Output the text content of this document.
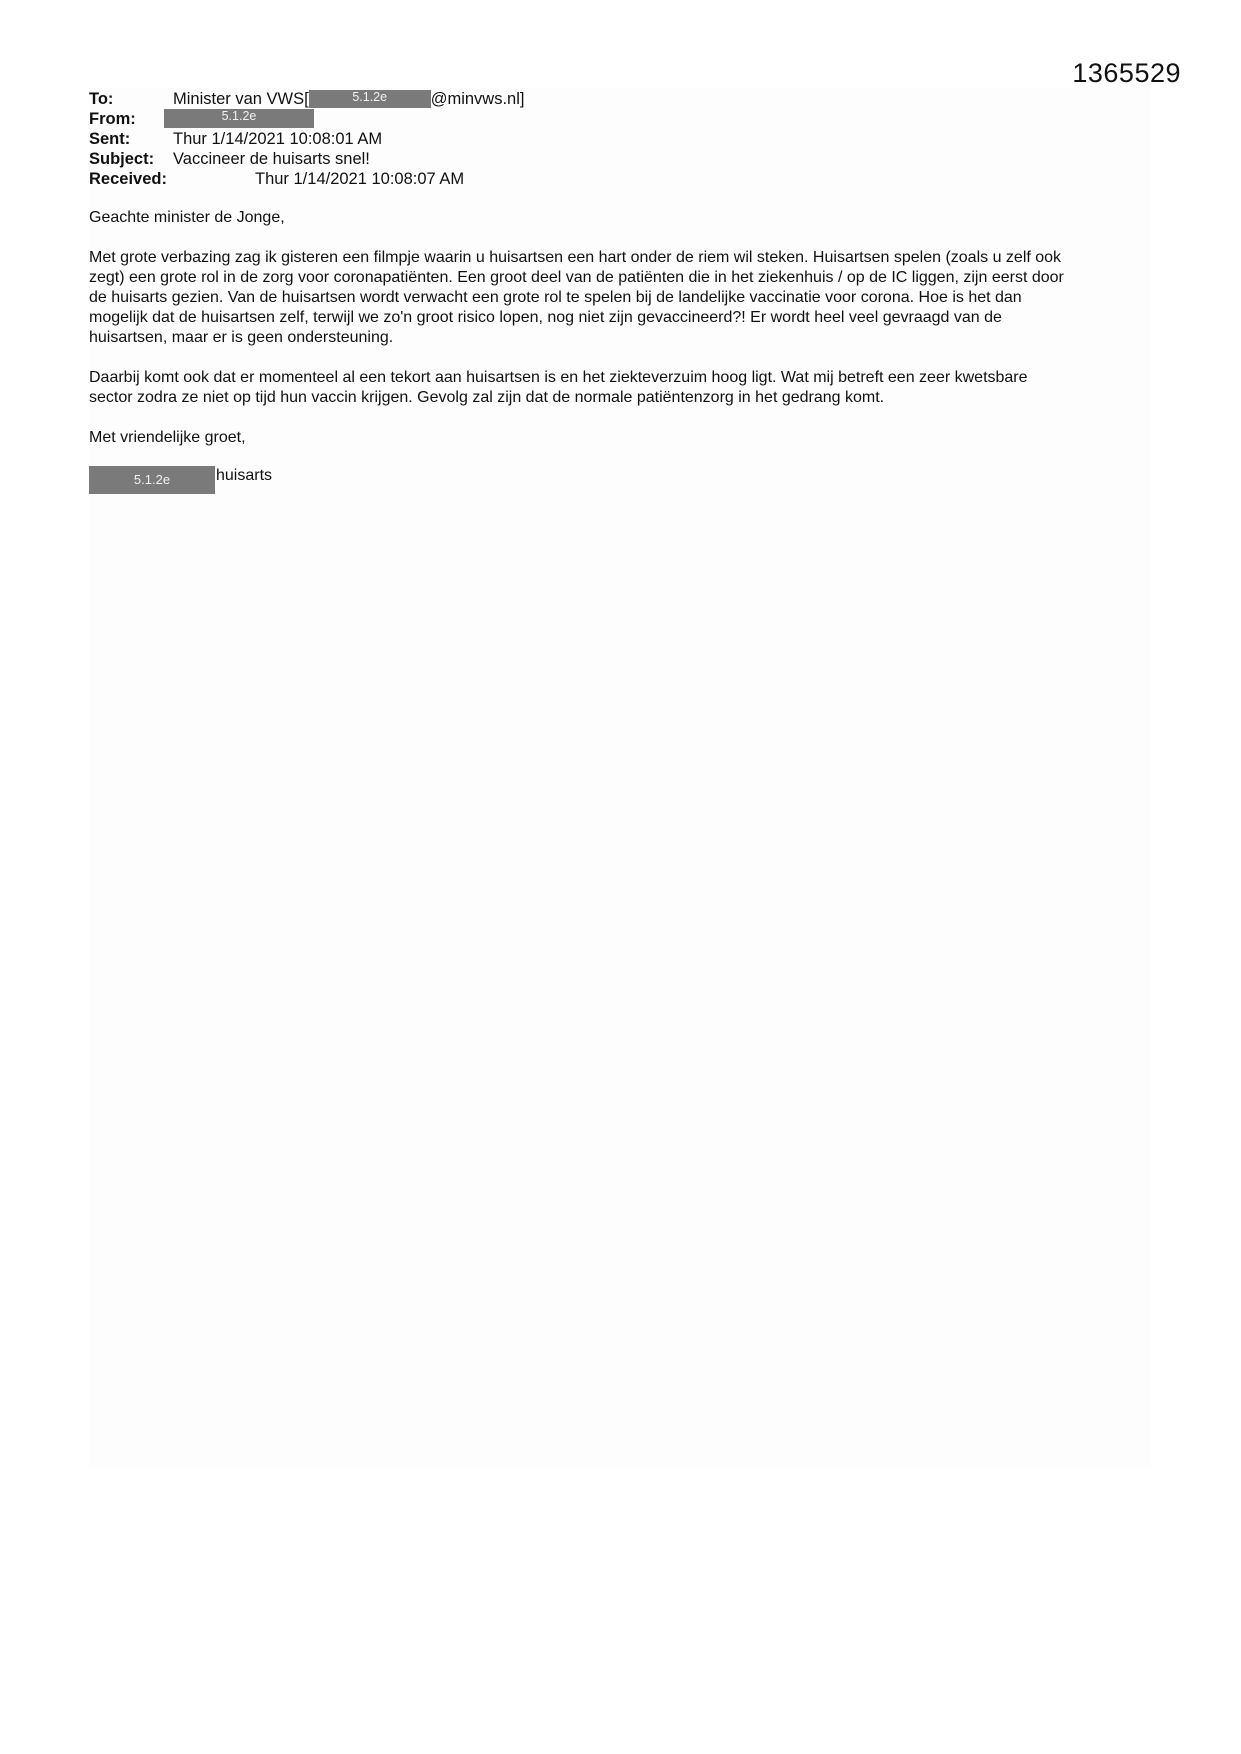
1365529
To:	Minister van VWS[	5.1.2e	@minvws.nl]
From:	5.1.2e
Sent:	Thur 1/14/2021 10:08:01 AM
Subject: Vaccineer de huisarts snel!
Received:	Thur 1/14/2021 10:08:07 AM

Geachte minister de Jonge,

Met grote verbazing zag ik gisteren een filmpje waarin u huisartsen een hart onder de riem wil steken. Huisartsen spelen (zoals u zelf ook
zegt) een grote rol in de zorg voor coronapatiënten. Een groot deel van de patiënten die in het ziekenhuis / op de IC liggen, zijn eerst door
de huisarts gezien. Van de huisartsen wordt verwacht een grote rol te spelen bij de landelijke vaccinatie voor corona. Hoe is het dan
mogelijk dat de huisartsen zelf, terwijl we zo'n groot risico lopen, nog niet zijn gevaccineerd?! Er wordt heel veel gevraagd van de
huisartsen, maar er is geen ondersteuning.

Daarbij komt ook dat er momenteel al een tekort aan huisartsen is en het ziekteverzuim hoog ligt. Wat mij betreft een zeer kwetsbare
sector zodra ze niet op tijd hun vaccin krijgen. Gevolg zal zijn dat de normale patiëntenzorg in het gedrang komt.

Met vriendelijke groet,

5.1.2e	huisarts
